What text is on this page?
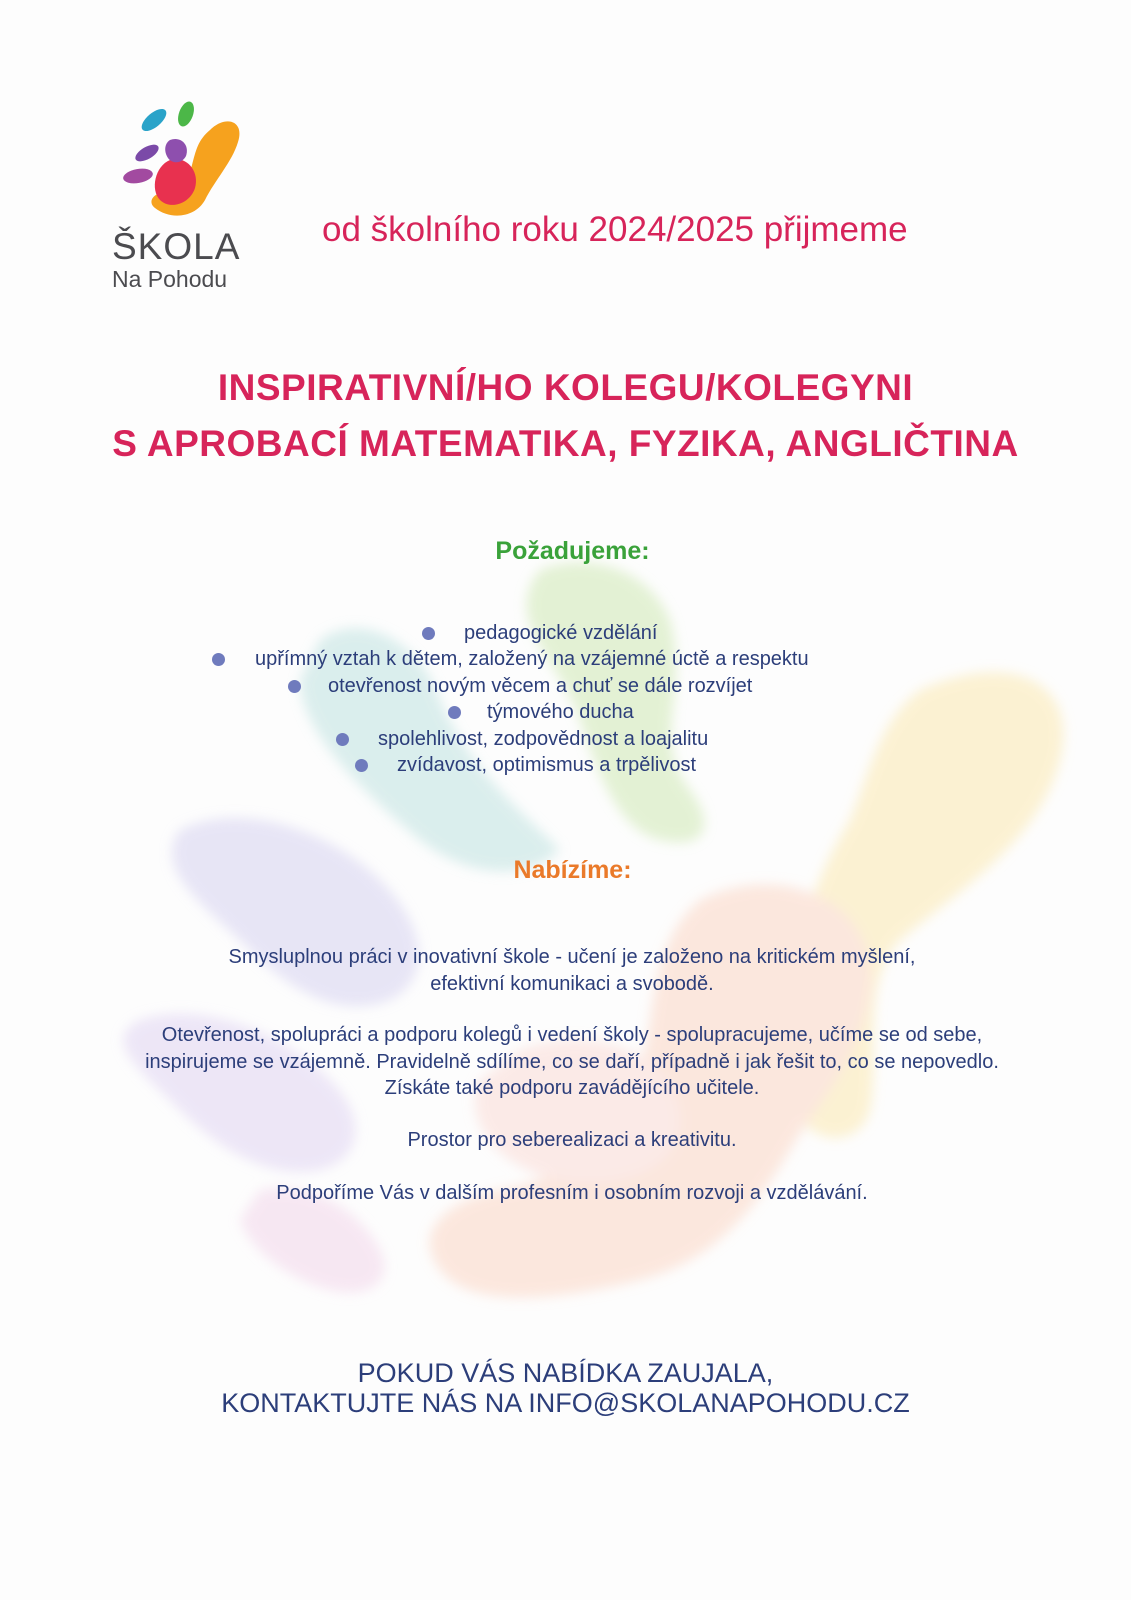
ŠKOLA
Na Pohodu
od školního roku 2024/2025 přijmeme
INSPIRATIVNÍ/HO KOLEGU/KOLEGYNI
S APROBACÍ MATEMATIKA, FYZIKA, ANGLIČTINA
Požadujeme:
pedagogické vzdělání
upřímný vztah k dětem, založený na vzájemné úctě a respektu
otevřenost novým věcem a chuť se dále rozvíjet
týmového ducha
spolehlivost, zodpovědnost a loajalitu
zvídavost, optimismus a trpělivost
Nabízíme:
Smysluplnou práci v inovativní škole - učení je založeno na kritickém myšlení,
efektivní komunikaci a svobodě.
Otevřenost, spolupráci a podporu kolegů i vedení školy - spolupracujeme, učíme se od sebe,
inspirujeme se vzájemně. Pravidelně sdílíme, co se daří, případně i jak řešit to, co se nepovedlo.
Získáte také podporu zavádějícího učitele.
Prostor pro seberealizaci a kreativitu.
Podpoříme Vás v dalším profesním i osobním rozvoji a vzdělávání.
POKUD VÁS NABÍDKA ZAUJALA,
KONTAKTUJTE NÁS NA INFO@SKOLANAPOHODU.CZ
